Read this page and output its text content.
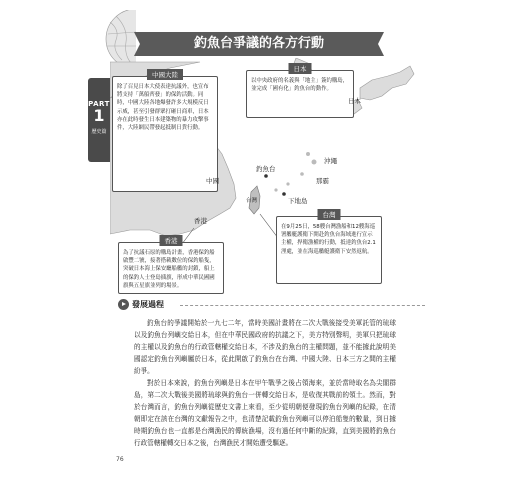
PART
1
歷史篇
釣魚台爭議的各方行動
中國大陸
除了召見日本大使表達抗議外，也宣布將支持「萬船齊發」的保釣活動。同時，中國大陸各地爆發許多大規模反日示威，甚至引發群眾打砸日商車，日本亦在此時發生日本建築物的暴力攻擊事件，大陸網民帶發起抵制日貨行動。
日本
以中央政府的名義與「地主」簽約購島，並完成「國有化」釣魚台的動作。
台灣
在9月25日，58艘台灣漁船和12艘海巡署艦艇護衛下開赴釣魚台海域進行宣示主權，捍衛漁權的行動，抵達釣魚台2.1浬處，並在海巡艦艇護衛下安然返航。
香港
為了抗議石原的購島計畫，香港保釣船啟豐二號，接著搭載數位的保釣船隻，突破日本海上保安廳船艦的封鎖，船上的保釣人士登島插旗，形成中華民國國旗與五星旗並列的場景。
中國
日本
沖繩
那霸
釣魚台
下地島
香港
台灣
發展過程

釣魚台的爭議開始於一九七二年，當時美國計畫將在二次大戰後接受美軍託管的琉球以及釣魚台列嶼交給日本，但在中華民國政府的抗議之下，美方特別聲明，美軍只把琉球的主權以及釣魚台的行政管轄權交給日本，不涉及釣魚台的主權問題，並不能據此說明美國認定釣魚台列嶼屬於日本，從此開啟了釣魚台在台灣、中國大陸、日本三方之間的主權紛爭。

對於日本來說，釣魚台列嶼是日本在甲午戰爭之後占領海來，並於當時取名為尖閣群島，第二次大戰後美國將琉球與釣魚台一併轉交給日本，是收復其戰前的領土。然而，對於台灣而言，釣魚台列嶼從歷史文書上來看，至少從明朝便發現釣魚台列嶼的紀錄，在清朝即定在該在台灣的文獻報告之中，也清楚記載釣魚台列嶼可以停泊船隻的數量，到日據時期釣魚台也一直都是台灣漁民的傳統漁場，沒有過任何中斷的紀錄，直到美國將釣魚台行政管轄權轉交日本之後，台灣漁民才開始遭受驅逐。

76
